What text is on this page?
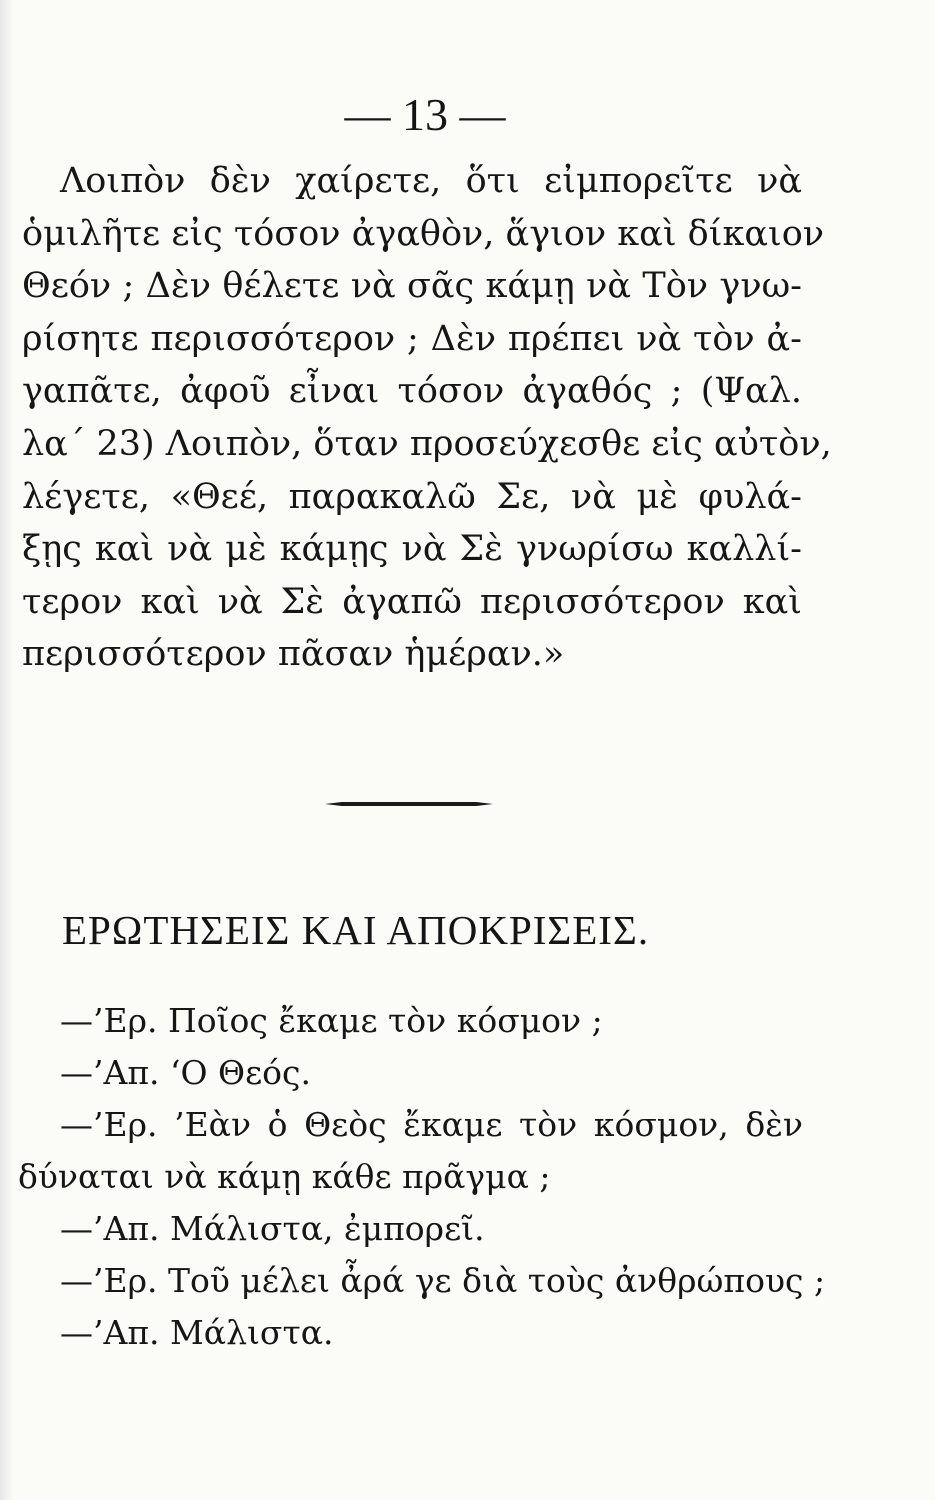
— 13 —
Λοιπὸν δὲν χαίρετε, ὅτι εἰμπορεῖτε νὰ
ὁμιλῆτε εἰς τόσον ἀγαθὸν, ἅγιον καὶ δίκαιον
Θεόν ; Δὲν θέλετε νὰ σᾶς κάμῃ νὰ Τὸν γνω-
ρίσητε περισσότερον ; Δὲν πρέπει νὰ τὸν ἀ-
γαπᾶτε, ἀφοῦ εἶναι τόσον ἀγαθός ; (Ψαλ.
λα΄ 23) Λοιπὸν, ὅταν προσεύχεσθε εἰς αὐτὸν,
λέγετε, «Θεέ, παρακαλῶ Σε, νὰ μὲ φυλά-
ξῃς καὶ νὰ μὲ κάμῃς νὰ Σὲ γνωρίσω καλλί-
τερον καὶ νὰ Σὲ ἀγαπῶ περισσότερον καὶ
περισσότερον πᾶσαν ἡμέραν.»
ΕΡΩΤΗΣΕΙΣ ΚΑΙ ΑΠΟΚΡΙΣΕΙΣ.
—’Ερ. Ποῖος ἔκαμε τὸν κόσμον ;
—’Απ. ‘Ο Θεός.
—’Ερ. ’Εὰν ὁ Θεὸς ἔκαμε τὸν κόσμον, δὲν
δύναται νὰ κάμῃ κάθε πρᾶγμα ;
—’Απ. Μάλιστα, ἐμπορεῖ.
—’Ερ. Τοῦ μέλει ἆρά γε διὰ τοὺς ἀνθρώπους ;
—’Απ. Μάλιστα.
